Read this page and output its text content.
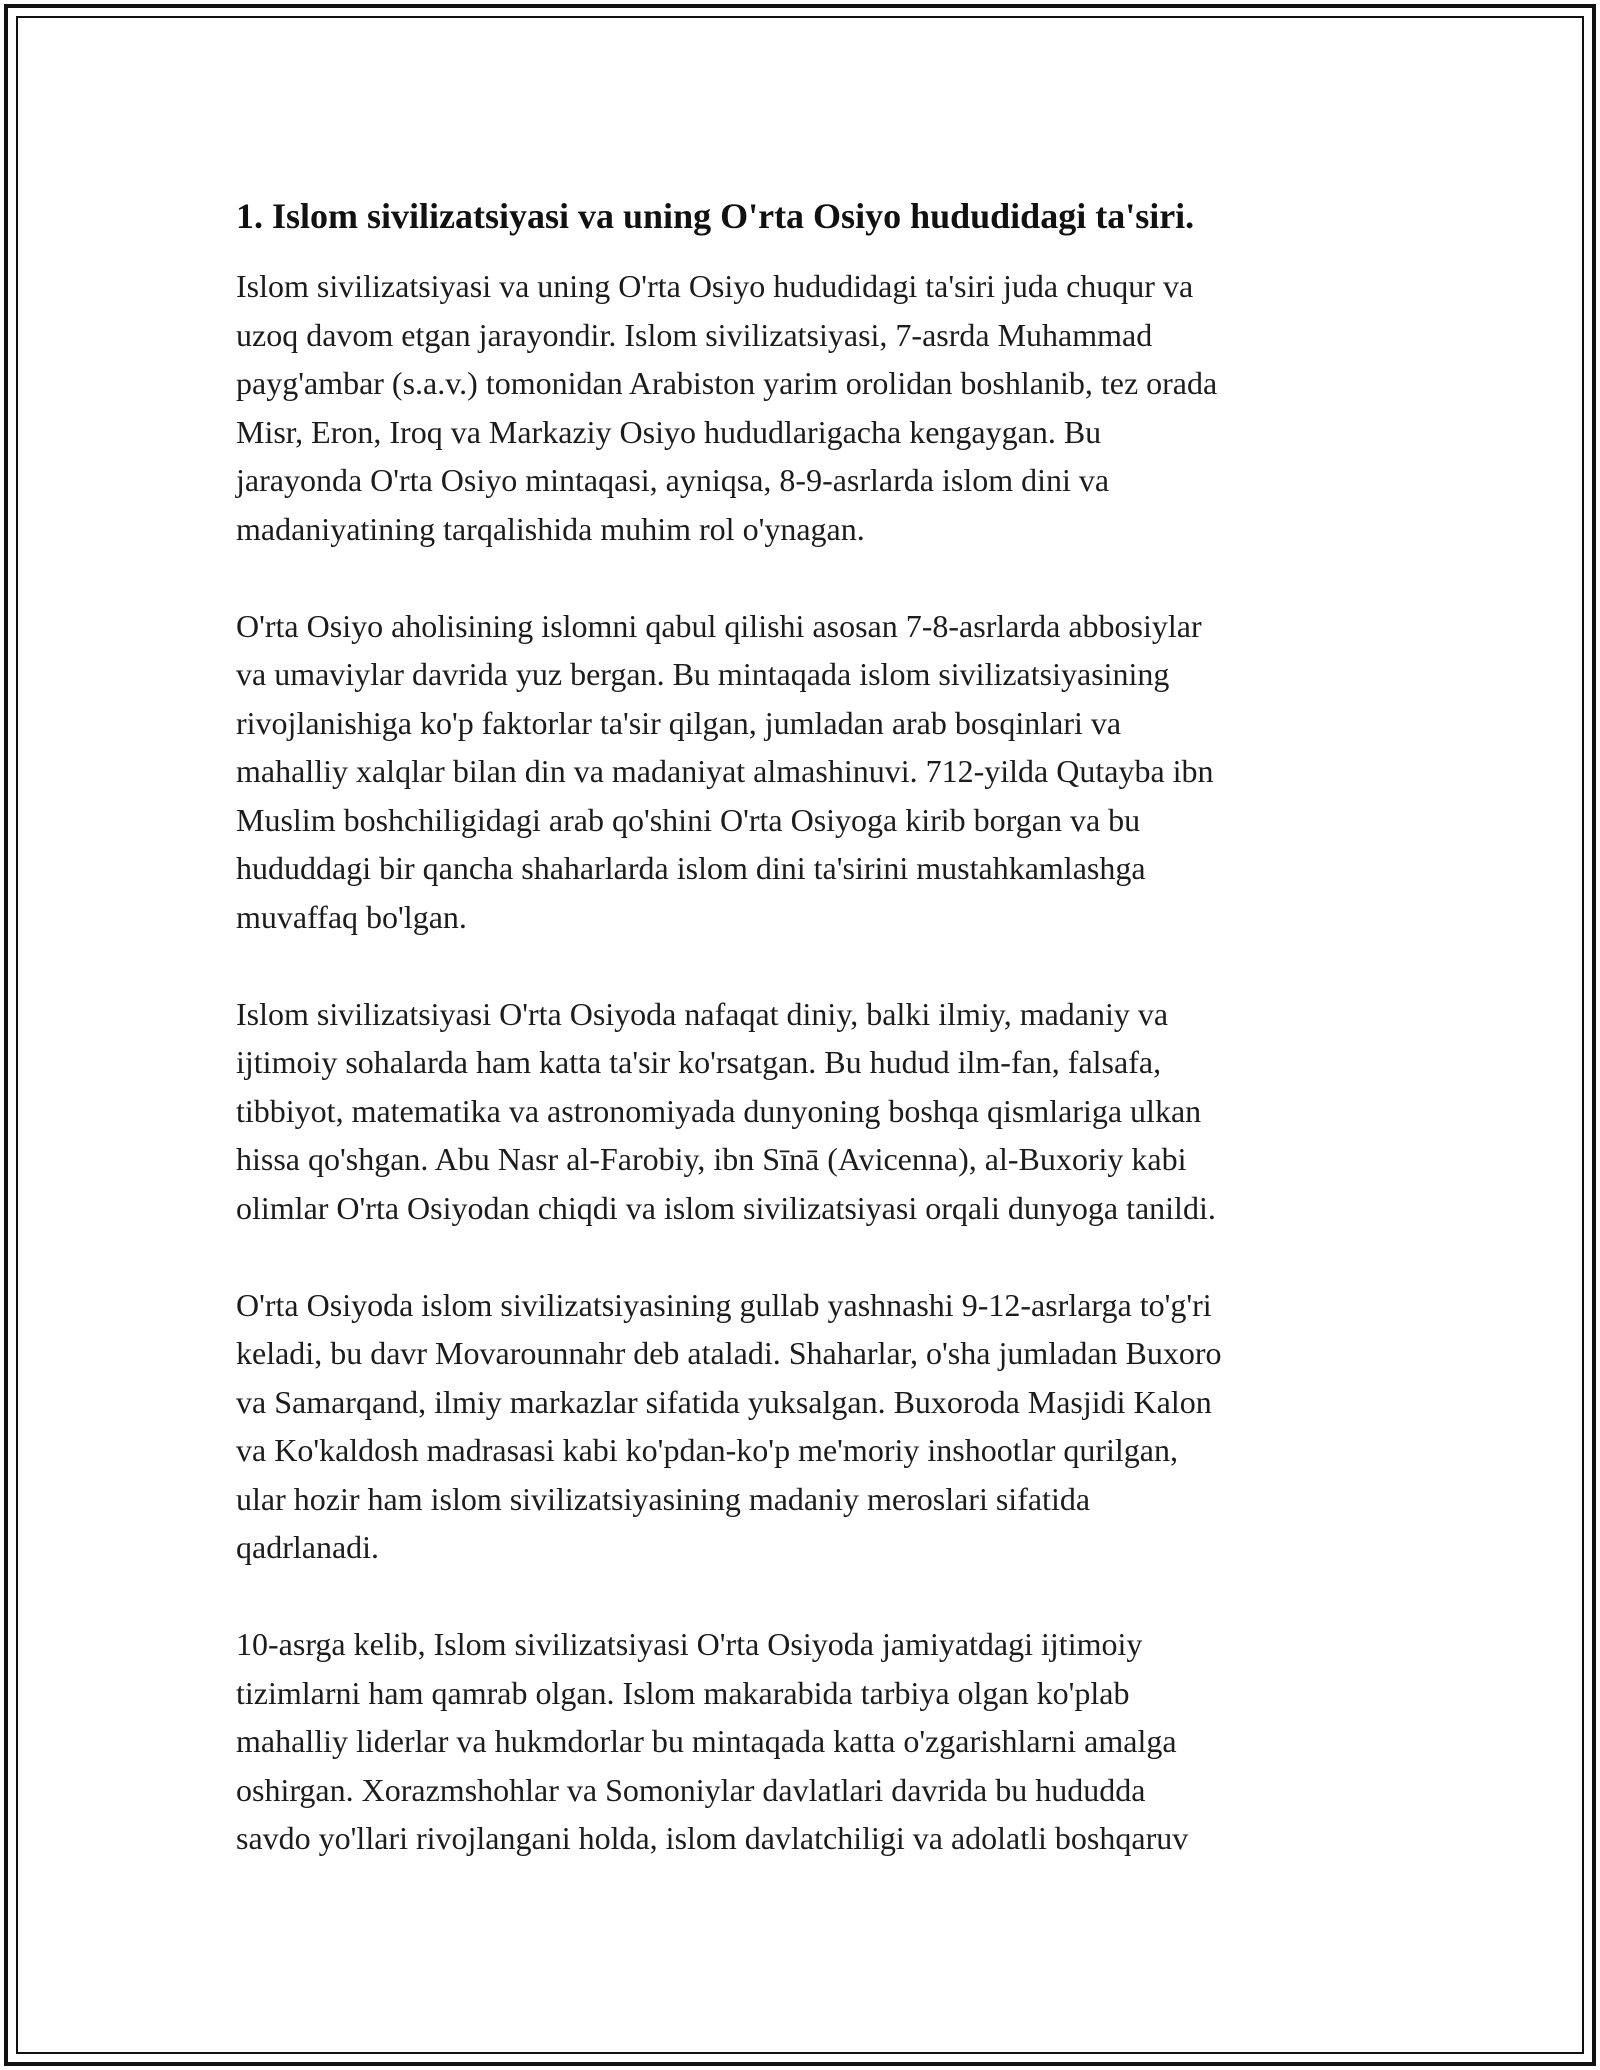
1. Islom sivilizatsiyasi va uning O'rta Osiyo hududidagi ta'siri.
Islom sivilizatsiyasi va uning O'rta Osiyo hududidagi ta'siri juda chuqur va
uzoq davom etgan jarayondir. Islom sivilizatsiyasi, 7-asrda Muhammad
payg'ambar (s.a.v.) tomonidan Arabiston yarim orolidan boshlanib, tez orada
Misr, Eron, Iroq va Markaziy Osiyo hududlarigacha kengaygan. Bu
jarayonda O'rta Osiyo mintaqasi, ayniqsa, 8-9-asrlarda islom dini va
madaniyatining tarqalishida muhim rol o'ynagan.
O'rta Osiyo aholisining islomni qabul qilishi asosan 7-8-asrlarda abbosiylar
va umaviylar davrida yuz bergan. Bu mintaqada islom sivilizatsiyasining
rivojlanishiga ko'p faktorlar ta'sir qilgan, jumladan arab bosqinlari va
mahalliy xalqlar bilan din va madaniyat almashinuvi. 712-yilda Qutayba ibn
Muslim boshchiligidagi arab qo'shini O'rta Osiyoga kirib borgan va bu
hududdagi bir qancha shaharlarda islom dini ta'sirini mustahkamlashga
muvaffaq bo'lgan.
Islom sivilizatsiyasi O'rta Osiyoda nafaqat diniy, balki ilmiy, madaniy va
ijtimoiy sohalarda ham katta ta'sir ko'rsatgan. Bu hudud ilm-fan, falsafa,
tibbiyot, matematika va astronomiyada dunyoning boshqa qismlariga ulkan
hissa qo'shgan. Abu Nasr al-Farobiy, ibn Sīnā (Avicenna), al-Buxoriy kabi
olimlar O'rta Osiyodan chiqdi va islom sivilizatsiyasi orqali dunyoga tanildi.
O'rta Osiyoda islom sivilizatsiyasining gullab yashnashi 9-12-asrlarga to'g'ri
keladi, bu davr Movarounnahr deb ataladi. Shaharlar, o'sha jumladan Buxoro
va Samarqand, ilmiy markazlar sifatida yuksalgan. Buxoroda Masjidi Kalon
va Ko'kaldosh madrasasi kabi ko'pdan-ko'p me'moriy inshootlar qurilgan,
ular hozir ham islom sivilizatsiyasining madaniy meroslari sifatida
qadrlanadi.
10-asrga kelib, Islom sivilizatsiyasi O'rta Osiyoda jamiyatdagi ijtimoiy
tizimlarni ham qamrab olgan. Islom makarabida tarbiya olgan ko'plab
mahalliy liderlar va hukmdorlar bu mintaqada katta o'zgarishlarni amalga
oshirgan. Xorazmshohlar va Somoniylar davlatlari davrida bu hududda
savdo yo'llari rivojlangani holda, islom davlatchiligi va adolatli boshqaruv
